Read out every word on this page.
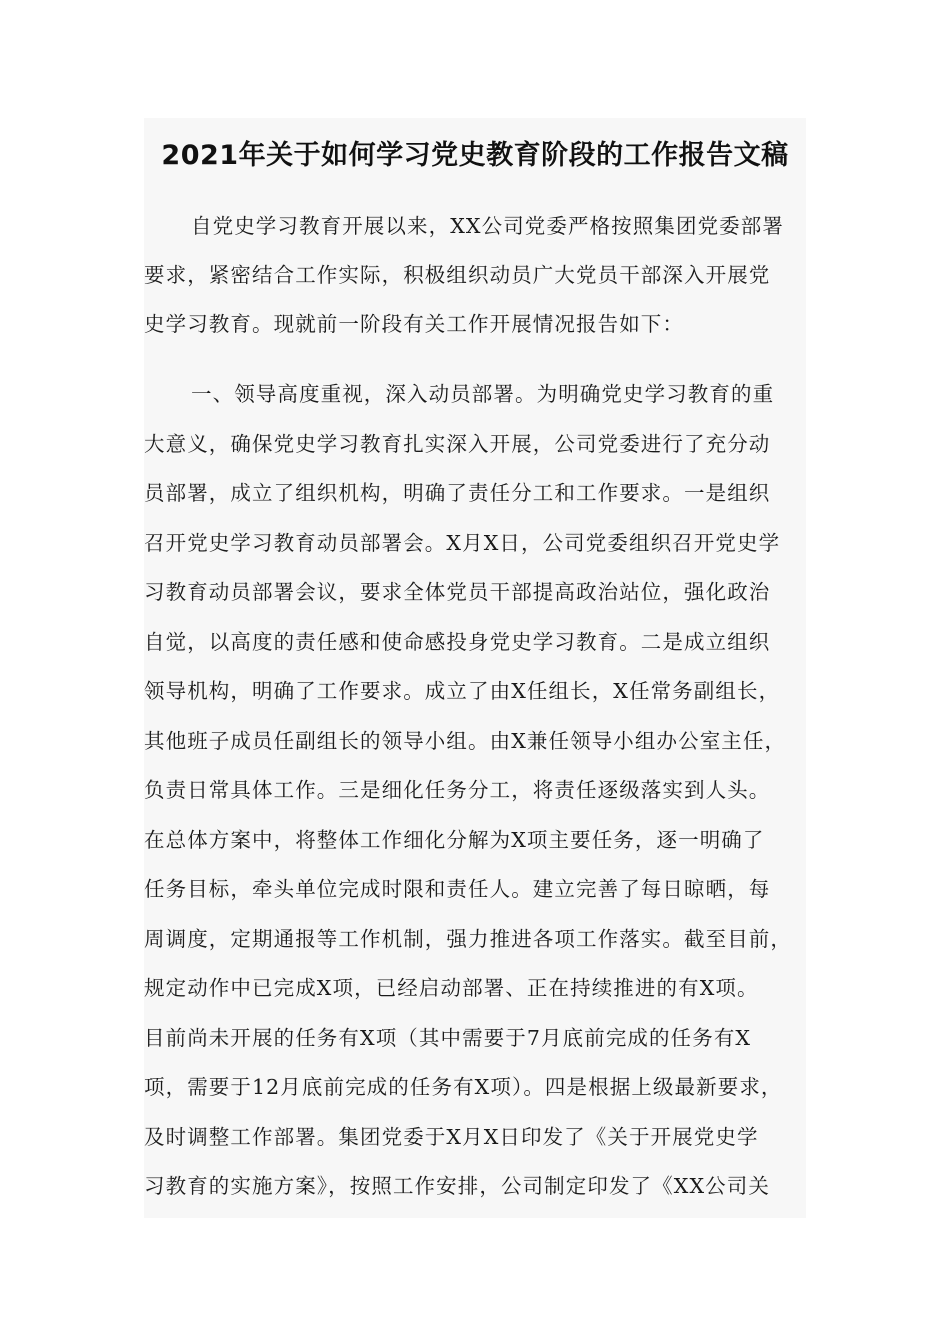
2021年关于如何学习党史教育阶段的工作报告文稿
自党史学习教育开展以来，XX公司党委严格按照集团党委部署
要求，紧密结合工作实际，积极组织动员广大党员干部深入开展党
史学习教育。现就前一阶段有关工作开展情况报告如下：
一、领导高度重视，深入动员部署。为明确党史学习教育的重
大意义，确保党史学习教育扎实深入开展，公司党委进行了充分动
员部署，成立了组织机构，明确了责任分工和工作要求。一是组织
召开党史学习教育动员部署会。X月X日，公司党委组织召开党史学
习教育动员部署会议，要求全体党员干部提高政治站位，强化政治
自觉，以高度的责任感和使命感投身党史学习教育。二是成立组织
领导机构，明确了工作要求。成立了由X任组长，X任常务副组长，
其他班子成员任副组长的领导小组。由X兼任领导小组办公室主任，
负责日常具体工作。三是细化任务分工，将责任逐级落实到人头。
在总体方案中，将整体工作细化分解为X项主要任务，逐一明确了
任务目标，牵头单位完成时限和责任人。建立完善了每日晾晒，每
周调度，定期通报等工作机制，强力推进各项工作落实。截至目前，
规定动作中已完成X项，已经启动部署、正在持续推进的有X项。
目前尚未开展的任务有X项（其中需要于7月底前完成的任务有X
项，需要于12月底前完成的任务有X项）。四是根据上级最新要求，
及时调整工作部署。集团党委于X月X日印发了《关于开展党史学
习教育的实施方案》，按照工作安排，公司制定印发了《XX公司关
